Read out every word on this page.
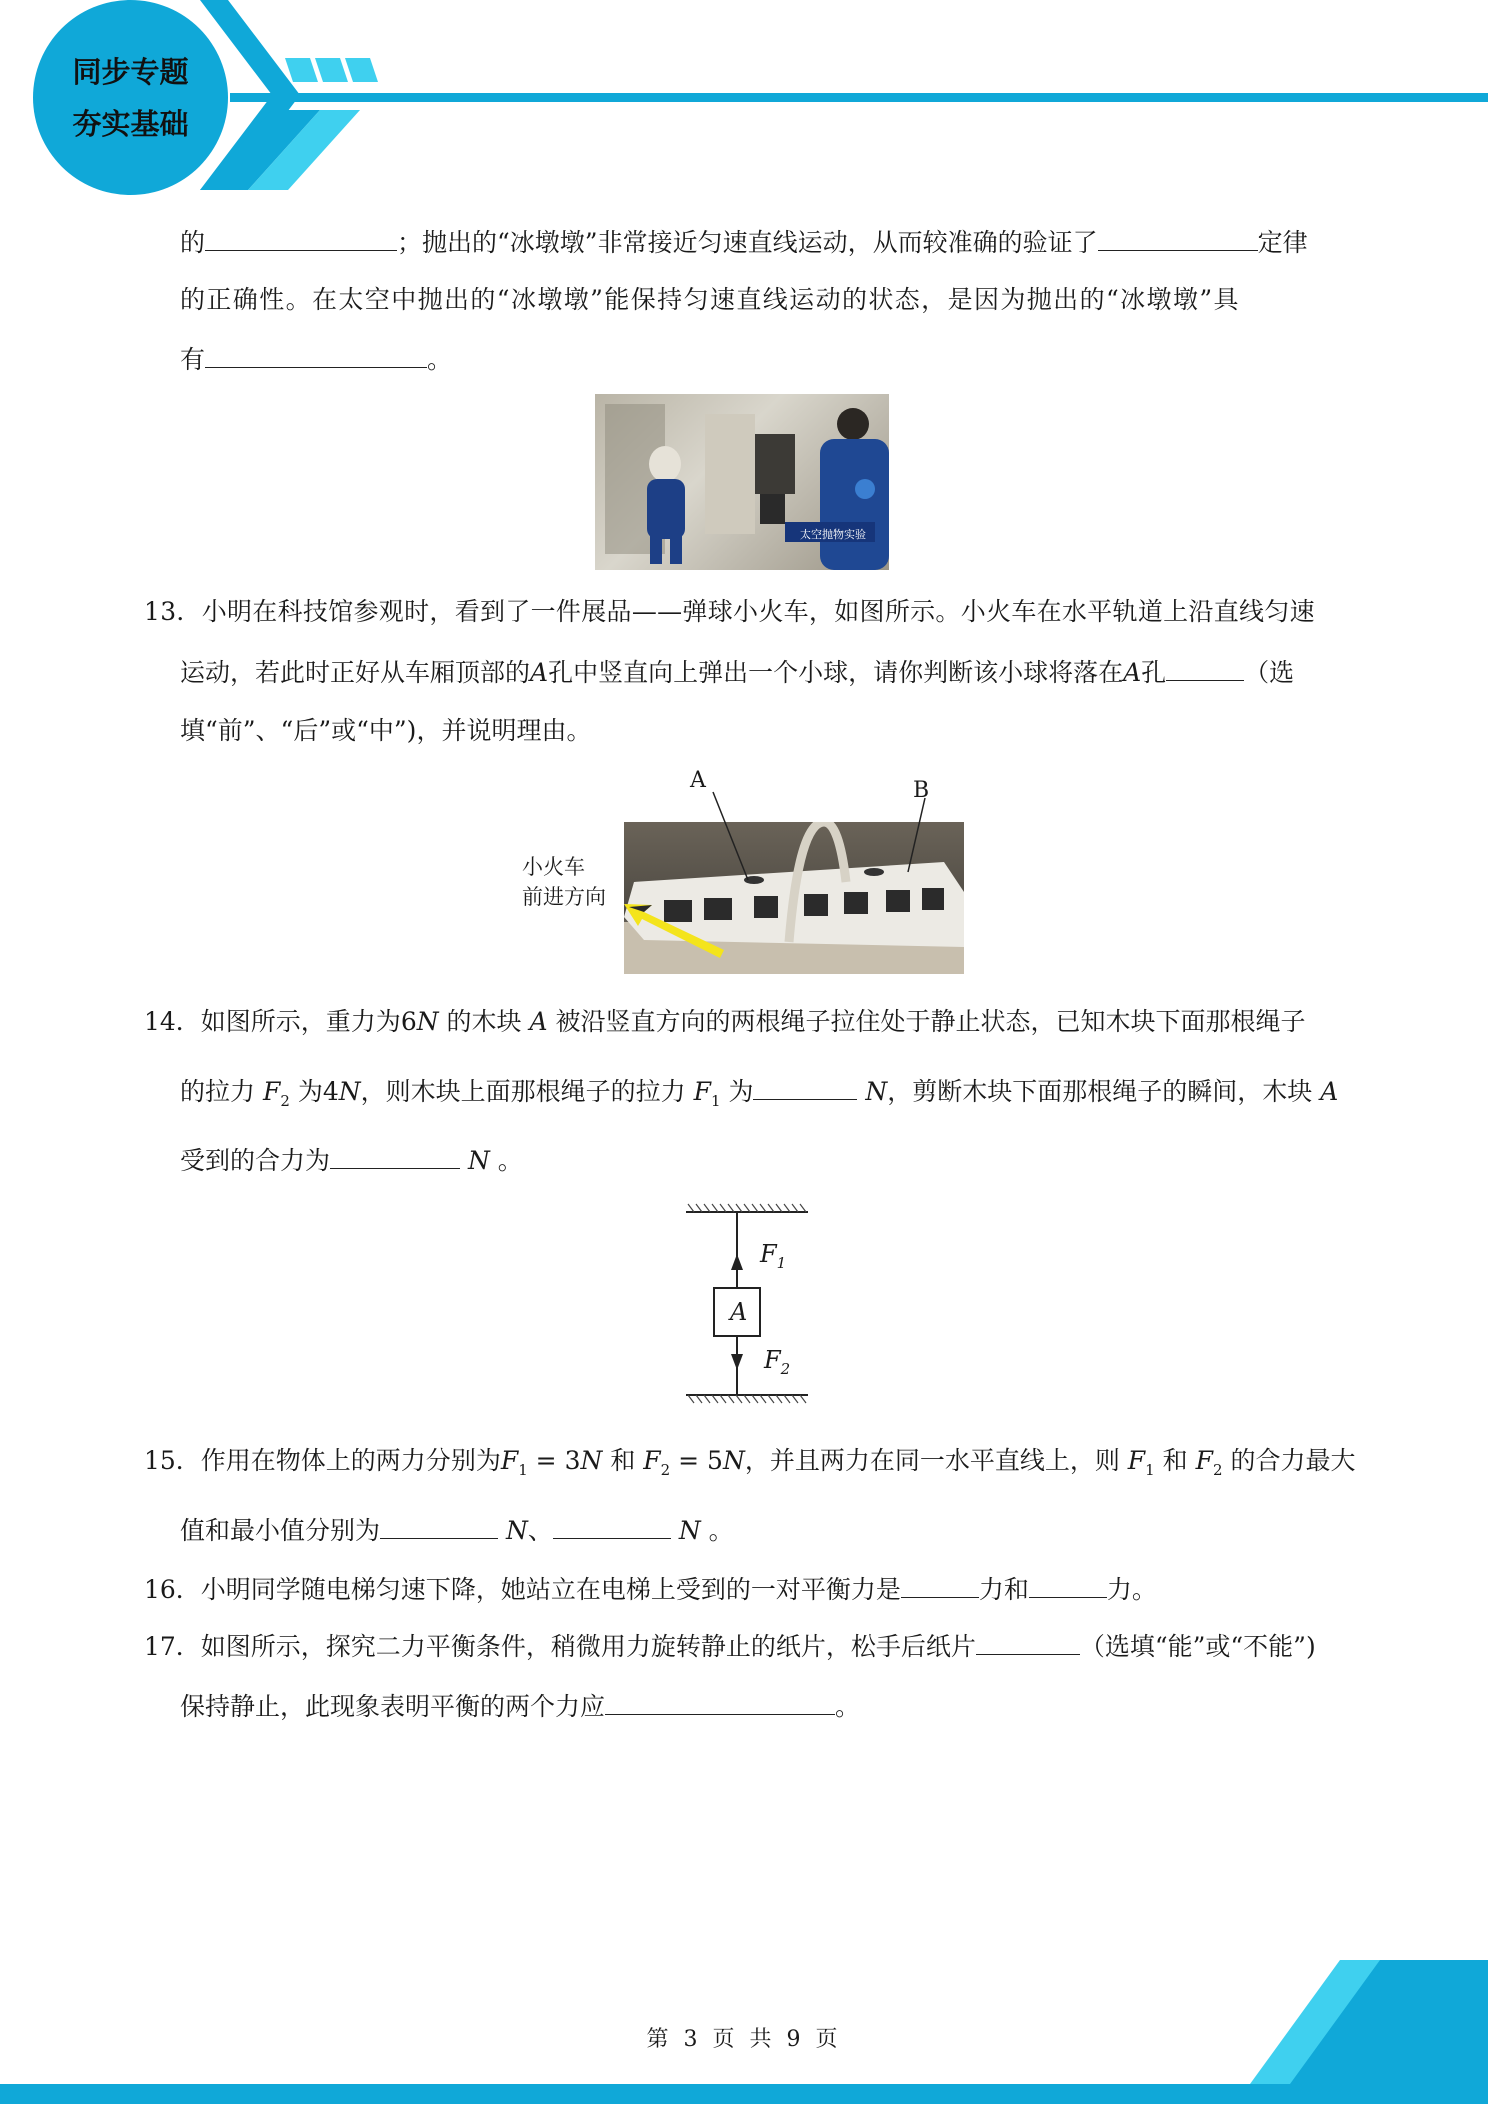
同步专题
夯实基础
的	；抛出的“冰墩墩”非常接近匀速直线运动，从而较准确的验证了	定律
的正确性。在太空中抛出的“冰墩墩”能保持匀速直线运动的状态，是因为抛出的“冰墩墩”具
有	。
太空抛物实验
13．小明在科技馆参观时，看到了一件展品——弹球小火车，如图所示。小火车在水平轨道上沿直线匀速
运动，若此时正好从车厢顶部的A孔中竖直向上弹出一个小球，请你判断该小球将落在A孔	（选
填“前”、“后”或“中”)，并说明理由。
A	B
小火车
前进方向
14．如图所示，重力为6N 的木块 A 被沿竖直方向的两根绳子拉住处于静止状态，已知木块下面那根绳子
的拉力 $F_2$ 为4N，则木块上面那根绳子的拉力 $F_1$ 为	N，剪断木块下面那根绳子的瞬间，木块 A
受到的合力为	N 。
A
$F_1$
$F_2$
15．作用在物体上的两力分别为$F_1 = 3N$ 和 $F_2 = 5N$，并且两力在同一水平直线上，则 $F_1$ 和 $F_2$ 的合力最大
值和最小值分别为	N、	N 。
16．小明同学随电梯匀速下降，她站立在电梯上受到的一对平衡力是	力和	力。
17．如图所示，探究二力平衡条件，稍微用力旋转静止的纸片，松手后纸片	（选填“能”或“不能”)
保持静止，此现象表明平衡的两个力应	。
第 3 页 共 9 页
